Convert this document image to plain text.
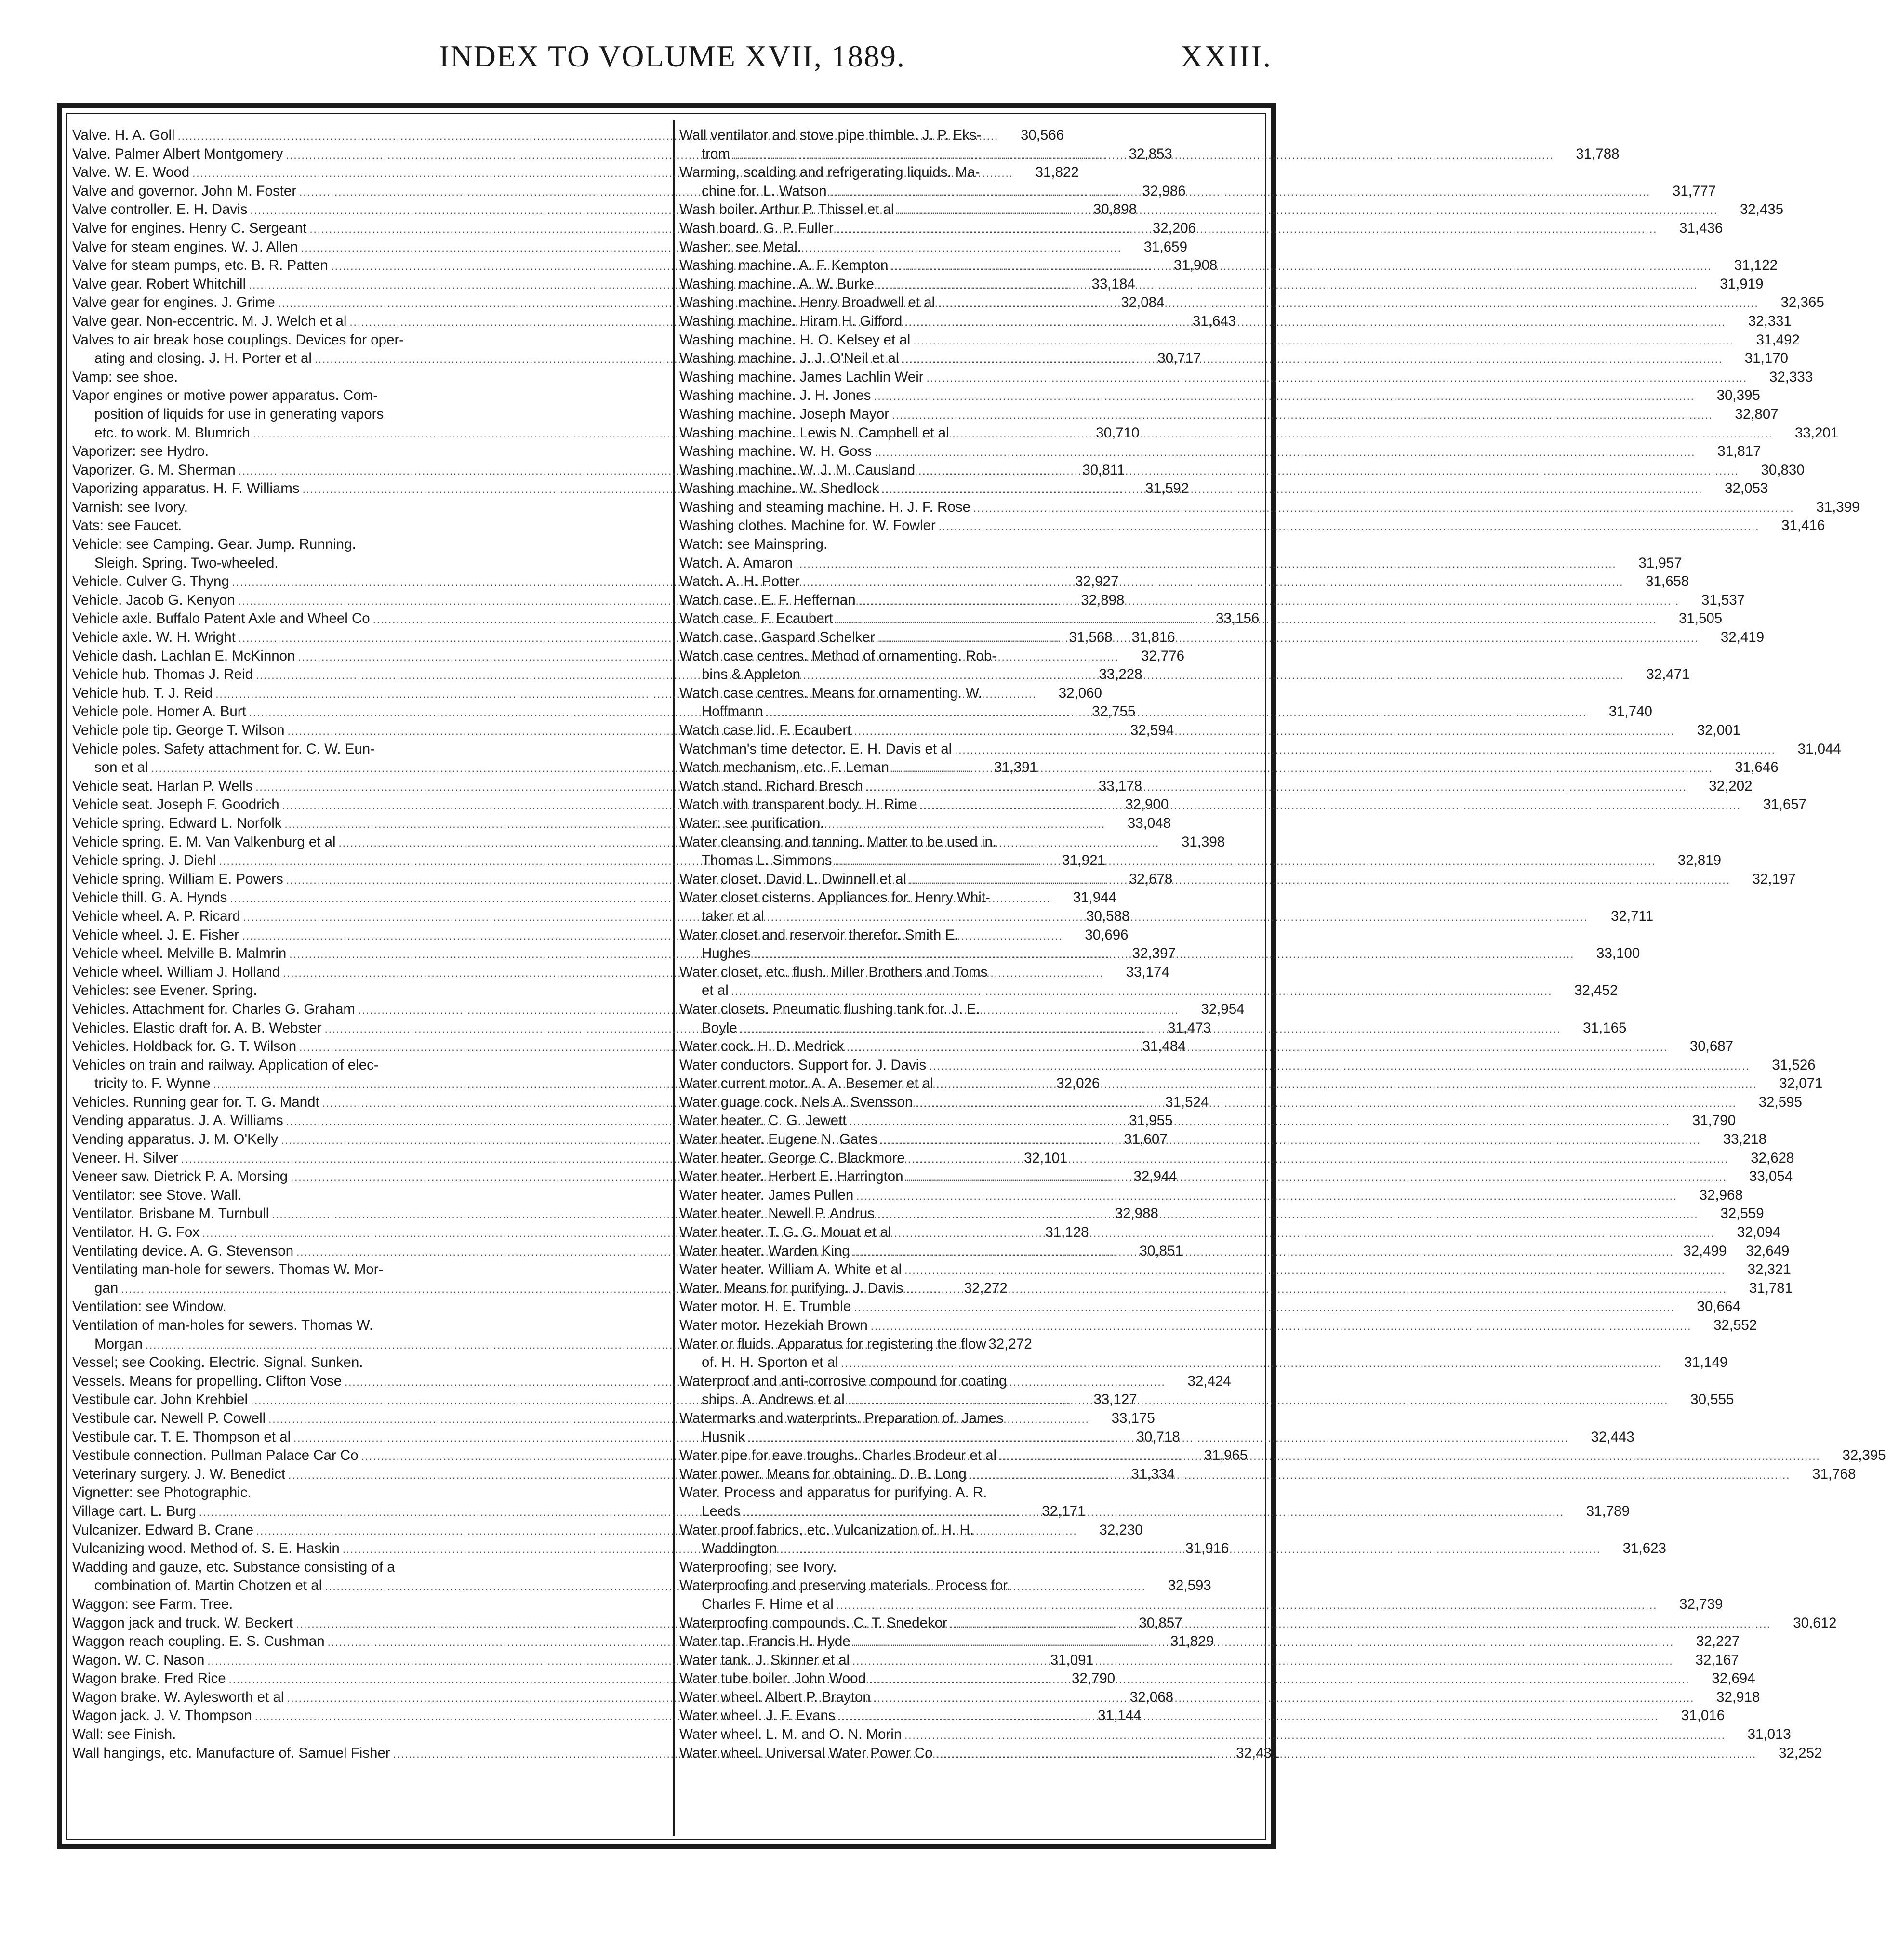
INDEX TO VOLUME XVII, 1889.	XXIII.
Valve. H. A. Goll .....	30,566
Valve. Palmer Albert Montgomery .....	32,853
Valve. W. E. Wood .....	31,822
Valve and governor. John M. Foster .....	32,986
Valve controller. E. H. Davis .....	30,898
Valve for engines. Henry C. Sergeant .....	32,206
Valve for steam engines. W. J. Allen .....	31,659
Valve for steam pumps, etc. B. R. Patten .....	31,908
Valve gear. Robert Whitchill .....	33,184
Valve gear for engines. J. Grime .....	32,084
Valve gear. Non-eccentric. M. J. Welch et al .....	31,643
Valves to air break hose couplings. Devices for oper-
ating and closing. J. H. Porter et al .....	30,717
Vamp: see shoe.
Vapor engines or motive power apparatus. Com-
position of liquids for use in generating vapors
etc. to work. M. Blumrich .....	30,710
Vaporizer: see Hydro.
Vaporizer. G. M. Sherman .....	30,811
Vaporizing apparatus. H. F. Williams .....	31,592
Varnish: see Ivory.
Vats: see Faucet.
Vehicle: see Camping. Gear. Jump. Running.
Sleigh. Spring. Two-wheeled.
Vehicle. Culver G. Thyng .....	32,927
Vehicle. Jacob G. Kenyon .....	32,898
Vehicle axle. Buffalo Patent Axle and Wheel Co .....	33,156
Vehicle axle. W. H. Wright .....	31,568	31,816
Vehicle dash. Lachlan E. McKinnon .....	32,776
Vehicle hub. Thomas J. Reid .....	33,228
Vehicle hub. T. J. Reid .....	32,060
Vehicle pole. Homer A. Burt .....	32,755
Vehicle pole tip. George T. Wilson .....	32,594
Vehicle poles. Safety attachment for. C. W. Eun-
son et al .....	31,391
Vehicle seat. Harlan P. Wells .....	33,178
Vehicle seat. Joseph F. Goodrich .....	32,900
Vehicle spring. Edward L. Norfolk .....	33,048
Vehicle spring. E. M. Van Valkenburg et al .....	31,398
Vehicle spring. J. Diehl .....	31,921
Vehicle spring. William E. Powers .....	32,678
Vehicle thill. G. A. Hynds .....	31,944
Vehicle wheel. A. P. Ricard .....	30,588
Vehicle wheel. J. E. Fisher .....	30,696
Vehicle wheel. Melville B. Malmrin .....	32,397
Vehicle wheel. William J. Holland .....	33,174
Vehicles: see Evener. Spring.
Vehicles. Attachment for. Charles G. Graham .....	32,954
Vehicles. Elastic draft for. A. B. Webster .....	31,473
Vehicles. Holdback for. G. T. Wilson .....	31,484
Vehicles on train and railway. Application of elec-
tricity to. F. Wynne .....	32,026
Vehicles. Running gear for. T. G. Mandt .....	31,524
Vending apparatus. J. A. Williams .....	31,955
Vending apparatus. J. M. O'Kelly .....	31,607
Veneer. H. Silver .....	32,101
Veneer saw. Dietrick P. A. Morsing .....	32,944
Ventilator: see Stove. Wall.
Ventilator. Brisbane M. Turnbull .....	32,988
Ventilator. H. G. Fox .....	31,128
Ventilating device. A. G. Stevenson .....	30,851
Ventilating man-hole for sewers. Thomas W. Mor-
gan .....	32,272
Ventilation: see Window.
Ventilation of man-holes for sewers. Thomas W.
Morgan .....	32,272
Vessel; see Cooking. Electric. Signal. Sunken.
Vessels. Means for propelling. Clifton Vose .....	32,424
Vestibule car. John Krehbiel .....	33,127
Vestibule car. Newell P. Cowell .....	33,175
Vestibule car. T. E. Thompson et al .....	30,718
Vestibule connection. Pullman Palace Car Co .....	31,965
Veterinary surgery. J. W. Benedict .....	31,334
Vignetter: see Photographic.
Village cart. L. Burg .....	32,171
Vulcanizer. Edward B. Crane .....	32,230
Vulcanizing wood. Method of. S. E. Haskin .....	31,916
Wadding and gauze, etc. Substance consisting of a
combination of. Martin Chotzen et al .....	32,593
Waggon: see Farm. Tree.
Waggon jack and truck. W. Beckert .....	30,857
Waggon reach coupling. E. S. Cushman .....	31,829
Wagon. W. C. Nason .....	31,091
Wagon brake. Fred Rice .....	32,790
Wagon brake. W. Aylesworth et al .....	32,068
Wagon jack. J. V. Thompson .....	31,144
Wall: see Finish.
Wall hangings, etc. Manufacture of. Samuel Fisher .....	32,431
Wall ventilator and stove pipe thimble. J. P. Eks-
trom .....	31,788
Warming, scalding and refrigerating liquids. Ma-
chine for. L. Watson .....	31,777
Wash boiler. Arthur P. Thissel et al .....	32,435
Wash board. G. P. Fuller .....	31,436
Washer: see Metal.
Washing machine. A. F. Kempton .....	31,122
Washing machine. A. W. Burke .....	31,919
Washing machine. Henry Broadwell et al .....	32,365
Washing machine. Hiram H. Gifford .....	32,331
Washing machine. H. O. Kelsey et al .....	31,492
Washing machine. J. J. O'Neil et al .....	31,170
Washing machine. James Lachlin Weir .....	32,333
Washing machine. J. H. Jones .....	30,395
Washing machine. Joseph Mayor .....	32,807
Washing machine. Lewis N. Campbell et al .....	33,201
Washing machine. W. H. Goss .....	31,817
Washing machine. W. J. M. Causland .....	30,830
Washing machine. W. Shedlock .....	32,053
Washing and steaming machine. H. J. F. Rose .....	31,399
Washing clothes. Machine for. W. Fowler .....	31,416
Watch: see Mainspring.
Watch. A. Amaron .....	31,957
Watch. A. H. Potter .....	31,658
Watch case. E. F. Heffernan .....	31,537
Watch case. F. Ecaubert .....	31,505
Watch case. Gaspard Schelker .....	32,419
Watch case centres. Method of ornamenting. Rob-
bins & Appleton .....	32,471
Watch case centres. Means for ornamenting. W.
Hoffmann .....	31,740
Watch case lid. F. Ecaubert .....	32,001
Watchman's time detector. E. H. Davis et al .....	31,044
Watch mechanism, etc. F. Leman .....	31,646
Watch stand. Richard Bresch .....	32,202
Watch with transparent body. H. Rime .....	31,657
Water: see purification.
Water cleansing and tanning. Matter to be used in.
Thomas L. Simmons .....	32,819
Water closet. David L. Dwinnell et al .....	32,197
Water closet cisterns. Appliances for. Henry Whit-
taker et al .....	32,711
Water closet and reservoir therefor. Smith E.
Hughes .....	33,100
Water closet, etc. flush. Miller Brothers and Toms
et al .....	32,452
Water closets. Pneumatic flushing tank for. J. E.
Boyle .....	31,165
Water cock. H. D. Medrick .....	30,687
Water conductors. Support for. J. Davis .....	31,526
Water current motor. A. A. Besemer et al .....	32,071
Water guage cock. Nels A. Svensson .....	32,595
Water heater. C. G. Jewett .....	31,790
Water heater. Eugene N. Gates .....	33,218
Water heater. George C. Blackmore .....	32,628
Water heater. Herbert E. Harrington .....	33,054
Water heater. James Pullen .....	32,968
Water heater. Newell P. Andrus .....	32,559
Water heater. T. G. G. Mouat et al .....	32,094
Water heater. Warden King .....	32,499	32,649
Water heater. William A. White et al .....	32,321
Water. Means for purifying. J. Davis .....	31,781
Water motor. H. E. Trumble .....	30,664
Water motor. Hezekiah Brown .....	32,552
Water or fluids. Apparatus for registering the flow
of. H. H. Sporton et al .....	31,149
Waterproof and anti-corrosive compound for coating
ships. A. Andrews et al .....	30,555
Watermarks and waterprints. Preparation of. James
Husnik .....	32,443
Water pipe for eave troughs. Charles Brodeur et al .....	32,395
Water power. Means for obtaining. D. B. Long .....	31,768
Water. Process and apparatus for purifying. A. R.
Leeds .....	31,789
Water proof fabrics, etc. Vulcanization of. H. H.
Waddington .....	31,623
Waterproofing; see Ivory.
Waterproofing and preserving materials. Process for.
Charles F. Hime et al .....	32,739
Waterproofing compounds. C. T. Snedekor .....	30,612
Water tap. Francis H. Hyde .....	32,227
Water tank. J. Skinner et al .....	32,167
Water tube boiler. John Wood .....	32,694
Water wheel. Albert P. Brayton .....	32,918
Water wheel. J. F. Evans .....	31,016
Water wheel. L. M. and O. N. Morin .....	31,013
Water wheel. Universal Water Power Co .....	32,252
